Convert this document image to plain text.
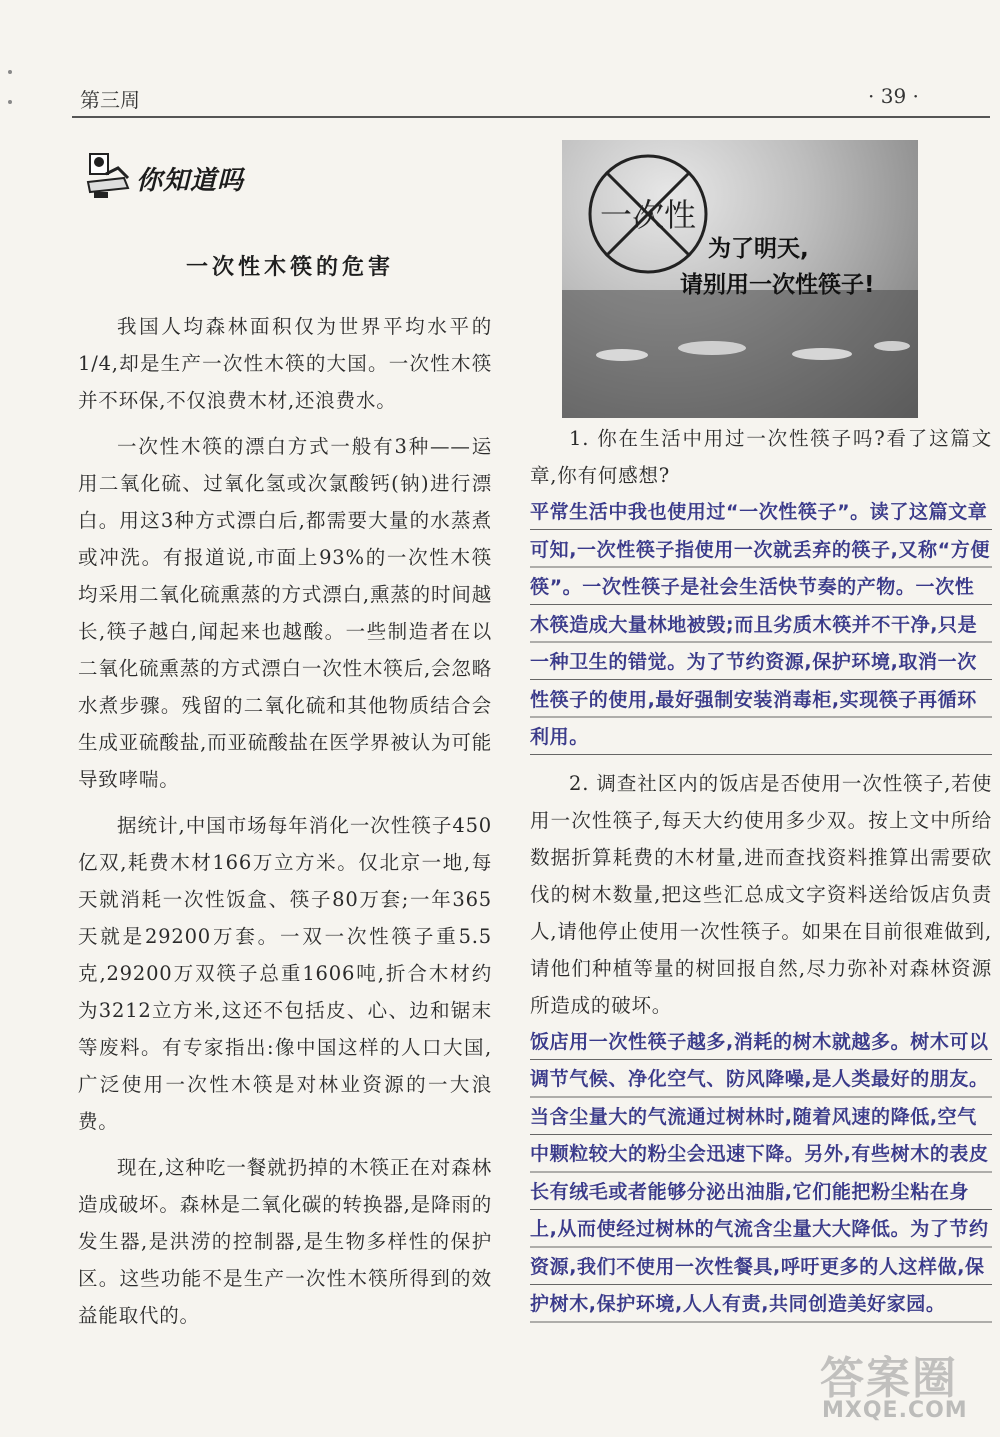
第三周	· 39 ·
你知道吗
一次性木筷的危害

我国人均森林面积仅为世界平均水平的1/4,却是生产一次性木筷的大国。一次性木筷并不环保,不仅浪费木材,还浪费水。

一次性木筷的漂白方式一般有3种——运用二氧化硫、过氧化氢或次氯酸钙(钠)进行漂白。用这3种方式漂白后,都需要大量的水蒸煮或冲洗。有报道说,市面上93%的一次性木筷均采用二氧化硫熏蒸的方式漂白,熏蒸的时间越长,筷子越白,闻起来也越酸。一些制造者在以二氧化硫熏蒸的方式漂白一次性木筷后,会忽略水煮步骤。残留的二氧化硫和其他物质结合会生成亚硫酸盐,而亚硫酸盐在医学界被认为可能导致哮喘。

据统计,中国市场每年消化一次性筷子450亿双,耗费木材166万立方米。仅北京一地,每天就消耗一次性饭盒、筷子80万套;一年365天就是29200万套。一双一次性筷子重5.5克,29200万双筷子总重1606吨,折合木材约为3212立方米,这还不包括皮、心、边和锯末等废料。有专家指出:像中国这样的人口大国,广泛使用一次性木筷是对林业资源的一大浪费。

现在,这种吃一餐就扔掉的木筷正在对森林造成破坏。森林是二氧化碳的转换器,是降雨的发生器,是洪涝的控制器,是生物多样性的保护区。这些功能不是生产一次性木筷所得到的效益能取代的。

一次性
为了明天,
请别用一次性筷子!

1. 你在生活中用过一次性筷子吗?看了这篇文章,你有何感想?

平常生活中我也使用过“一次性筷子”。读了这篇文章可知,一次性筷子指使用一次就丢弃的筷子,又称“方便筷”。一次性筷子是社会生活快节奏的产物。一次性木筷造成大量林地被毁;而且劣质木筷并不干净,只是一种卫生的错觉。为了节约资源,保护环境,取消一次性筷子的使用,最好强制安装消毒柜,实现筷子再循环利用。

2. 调查社区内的饭店是否使用一次性筷子,若使用一次性筷子,每天大约使用多少双。按上文中所给数据折算耗费的木材量,进而查找资料推算出需要砍伐的树木数量,把这些汇总成文字资料送给饭店负责人,请他停止使用一次性筷子。如果在目前很难做到,请他们种植等量的树回报自然,尽力弥补对森林资源所造成的破坏。

饭店用一次性筷子越多,消耗的树木就越多。树木可以调节气候、净化空气、防风降噪,是人类最好的朋友。当含尘量大的气流通过树林时,随着风速的降低,空气中颗粒较大的粉尘会迅速下降。另外,有些树木的表皮长有绒毛或者能够分泌出油脂,它们能把粉尘粘在身上,从而使经过树林的气流含尘量大大降低。为了节约资源,我们不使用一次性餐具,呼吁更多的人这样做,保护树木,保护环境,人人有责,共同创造美好家园。

答案圈
MXQE.COM
